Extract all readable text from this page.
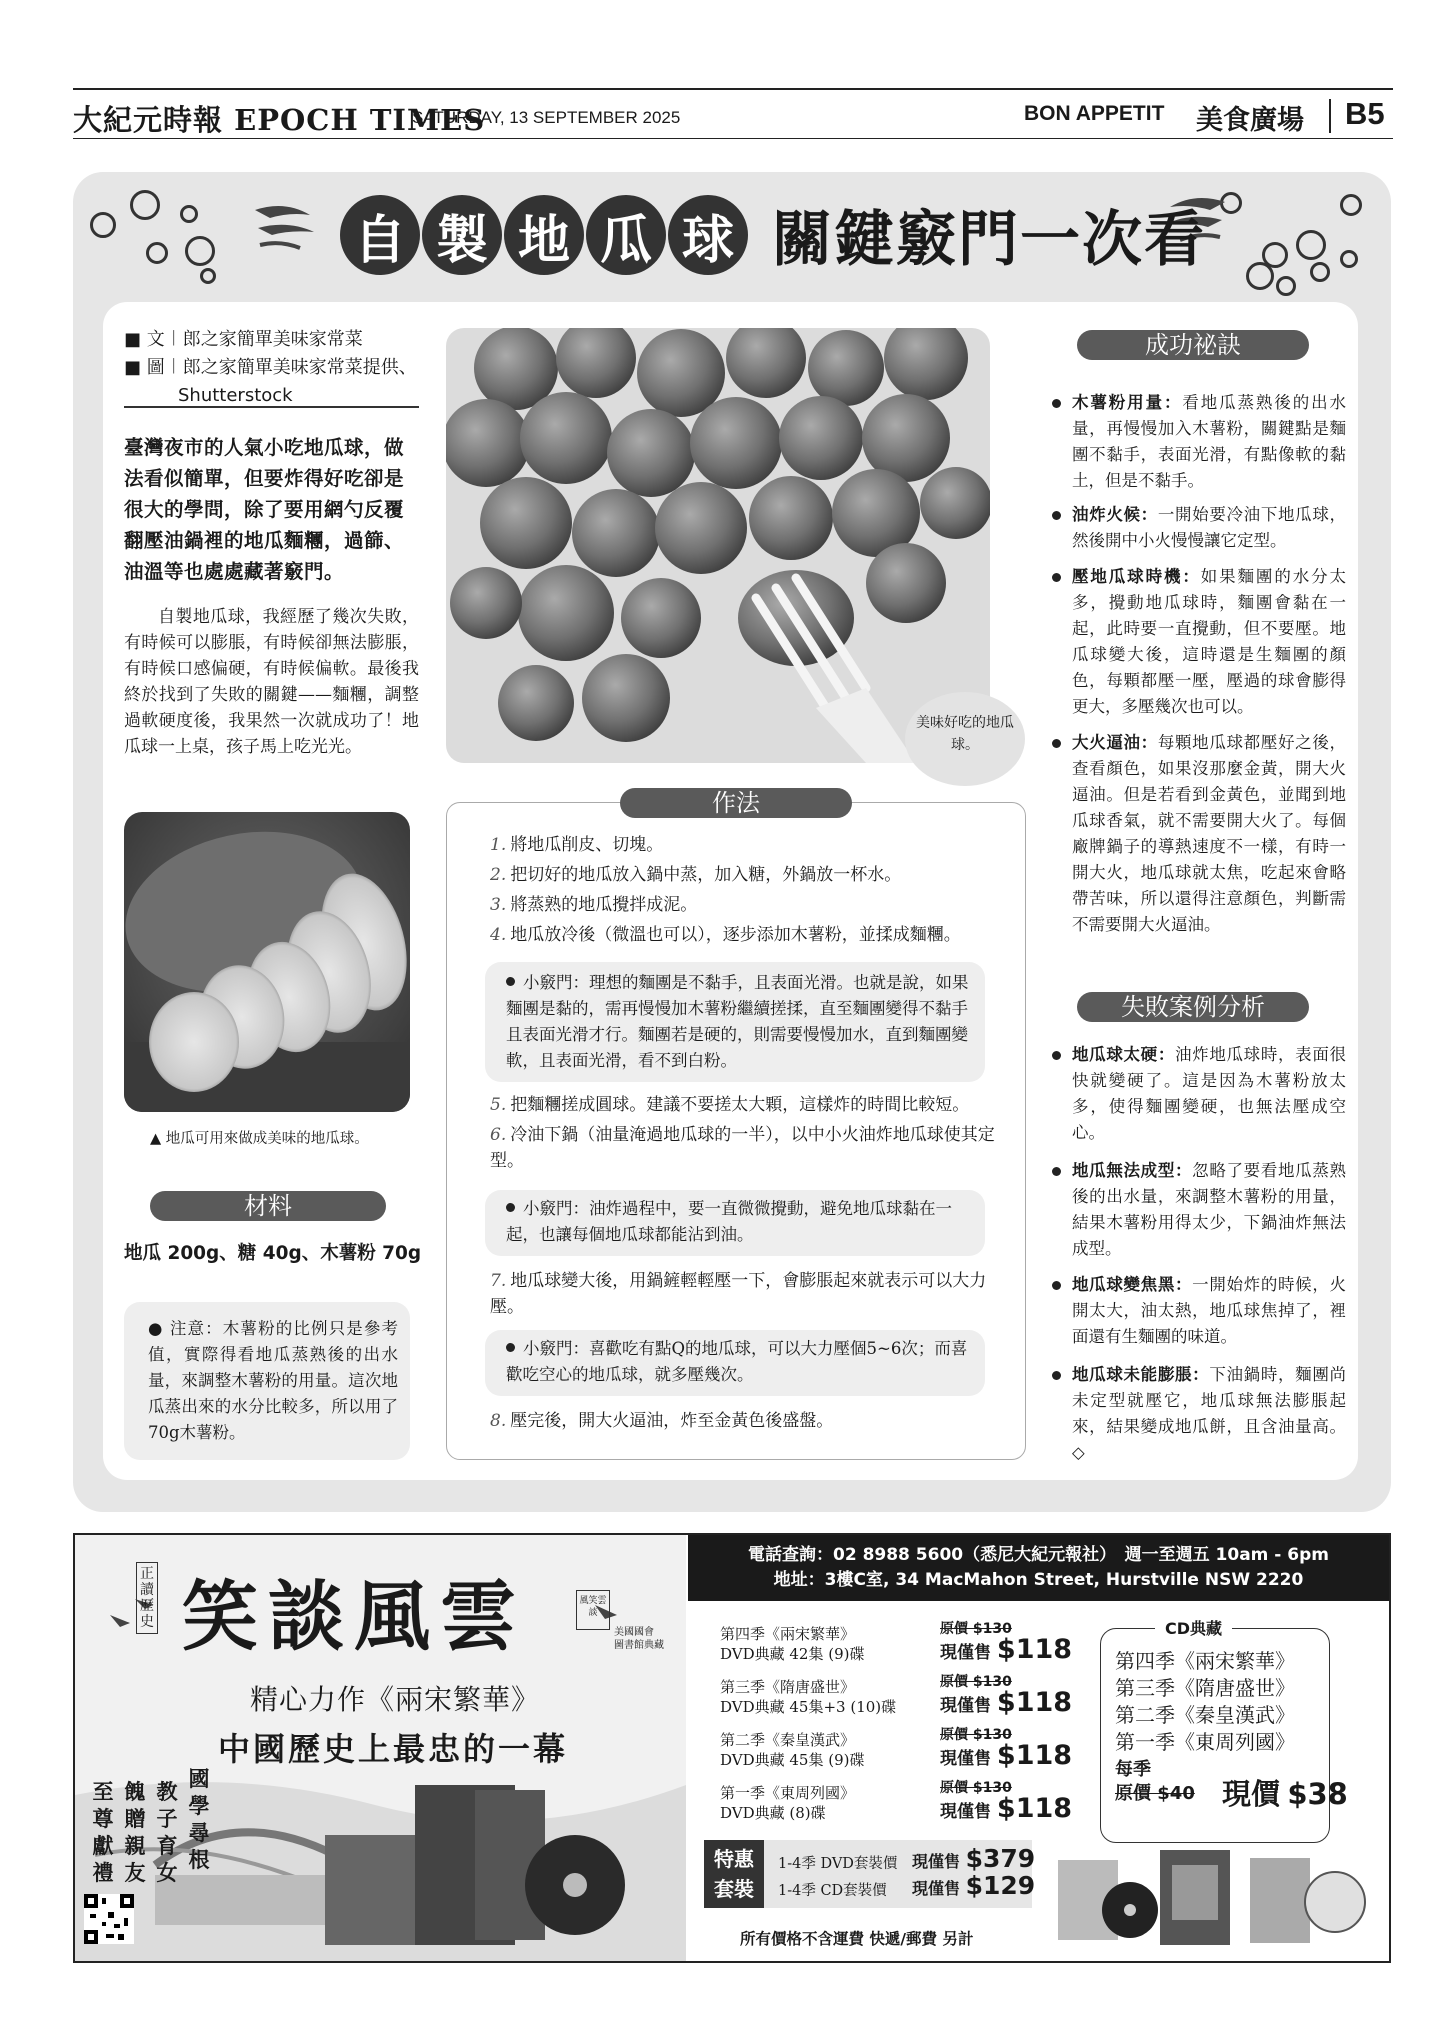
大紀元時報 EPOCH TIMES
SATURDAY, 13 SEPTEMBER 2025	BON APPETIT 美食廣場 B5
自 製 地 瓜 球 關鍵竅門一次看
■ 文︱郎之家簡單美味家常菜
■ 圖︱郎之家簡單美味家常菜提供、
Shutterstock
臺灣夜市的人氣小吃地瓜球，做法看似簡單，但要炸得好吃卻是很大的學問，除了要用網勺反覆翻壓油鍋裡的地瓜麵糰，過篩、油溫等也處處藏著竅門。
自製地瓜球，我經歷了幾次失敗，有時候可以膨脹，有時候卻無法膨脹，有時候口感偏硬，有時候偏軟。最後我終於找到了失敗的關鍵——麵糰，調整過軟硬度後，我果然一次就成功了！地瓜球一上桌，孩子馬上吃光光。
▲ 地瓜可用來做成美味的地瓜球。
材料
地瓜 200g、糖 40g、木薯粉 70g
● 注意：木薯粉的比例只是參考值，實際得看地瓜蒸熟後的出水量，來調整木薯粉的用量。這次地瓜蒸出來的水分比較多，所以用了70g木薯粉。
美味好吃的地瓜球。
作法
1. 將地瓜削皮、切塊。
2. 把切好的地瓜放入鍋中蒸，加入糖，外鍋放一杯水。
3. 將蒸熟的地瓜攪拌成泥。
4. 地瓜放冷後（微溫也可以），逐步添加木薯粉，並揉成麵糰。
小竅門：理想的麵團是不黏手，且表面光滑。也就是說，如果麵團是黏的，需再慢慢加木薯粉繼續搓揉，直至麵團變得不黏手且表面光滑才行。麵團若是硬的，則需要慢慢加水，直到麵團變軟，且表面光滑，看不到白粉。
5. 把麵糰搓成圓球。建議不要搓太大顆，這樣炸的時間比較短。
6. 冷油下鍋（油量淹過地瓜球的一半），以中小火油炸地瓜球使其定型。
小竅門：油炸過程中，要一直微微攪動，避免地瓜球黏在一起，也讓每個地瓜球都能沾到油。
7. 地瓜球變大後，用鍋鏟輕輕壓一下，會膨脹起來就表示可以大力壓。
小竅門：喜歡吃有點Q的地瓜球，可以大力壓個5~6次；而喜歡吃空心的地瓜球，就多壓幾次。
8. 壓完後，開大火逼油，炸至金黃色後盛盤。
成功祕訣
木薯粉用量：看地瓜蒸熟後的出水量，再慢慢加入木薯粉，關鍵點是麵團不黏手，表面光滑，有點像軟的黏土，但是不黏手。
油炸火候：一開始要冷油下地瓜球，然後開中小火慢慢讓它定型。
壓地瓜球時機：如果麵團的水分太多，攪動地瓜球時，麵團會黏在一起，此時要一直攪動，但不要壓。地瓜球變大後，這時還是生麵團的顏色，每顆都壓一壓，壓過的球會膨得更大，多壓幾次也可以。
大火逼油：每顆地瓜球都壓好之後，查看顏色，如果沒那麼金黃，開大火逼油。但是若看到金黃色，並聞到地瓜球香氣，就不需要開大火了。每個廠牌鍋子的導熱速度不一樣，有時一開大火，地瓜球就太焦，吃起來會略帶苦味，所以還得注意顏色，判斷需不需要開大火逼油。
失敗案例分析
地瓜球太硬：油炸地瓜球時，表面很快就變硬了。這是因為木薯粉放太多，使得麵團變硬，也無法壓成空心。
地瓜無法成型：忽略了要看地瓜蒸熟後的出水量，來調整木薯粉的用量，結果木薯粉用得太少，下鍋油炸無法成型。
地瓜球變焦黑：一開始炸的時候，火開太大，油太熱，地瓜球焦掉了，裡面還有生麵團的味道。
地瓜球未能膨脹：下油鍋時，麵團尚未定型就壓它，地瓜球無法膨脹起來，結果變成地瓜餅，且含油量高。◇
正讀歷史 笑談風雲	風笑雲談
美國國會
圖書館典藏
精心力作《兩宋繁華》
中國歷史上最忠的一幕
國學尋根
教子育女
餽贈親友
至尊獻禮
電話查詢：02 8988 5600（悉尼大紀元報社）　週一至週五 10am - 6pm
地址：3樓C室, 34 MacMahon Street, Hurstville NSW 2220
第四季《兩宋繁華》
DVD典藏 42集 (9)碟
原價 $130
現僅售 $118
第三季《隋唐盛世》
DVD典藏 45集+3 (10)碟
原價 $130
現僅售 $118
第二季《秦皇漢武》
DVD典藏 45集 (9)碟
原價 $130
現僅售 $118
第一季《東周列國》
DVD典藏 (8)碟
原價 $130
現僅售 $118
CD典藏
第四季《兩宋繁華》
第三季《隋唐盛世》
第二季《秦皇漢武》
第一季《東周列國》
每季
原價 $40 現價 $38
特惠
套裝
1-4季 DVD套裝價 現僅售 $379
1-4季 CD套裝價 現僅售 $129
所有價格不含運費 快遞/郵費 另計
